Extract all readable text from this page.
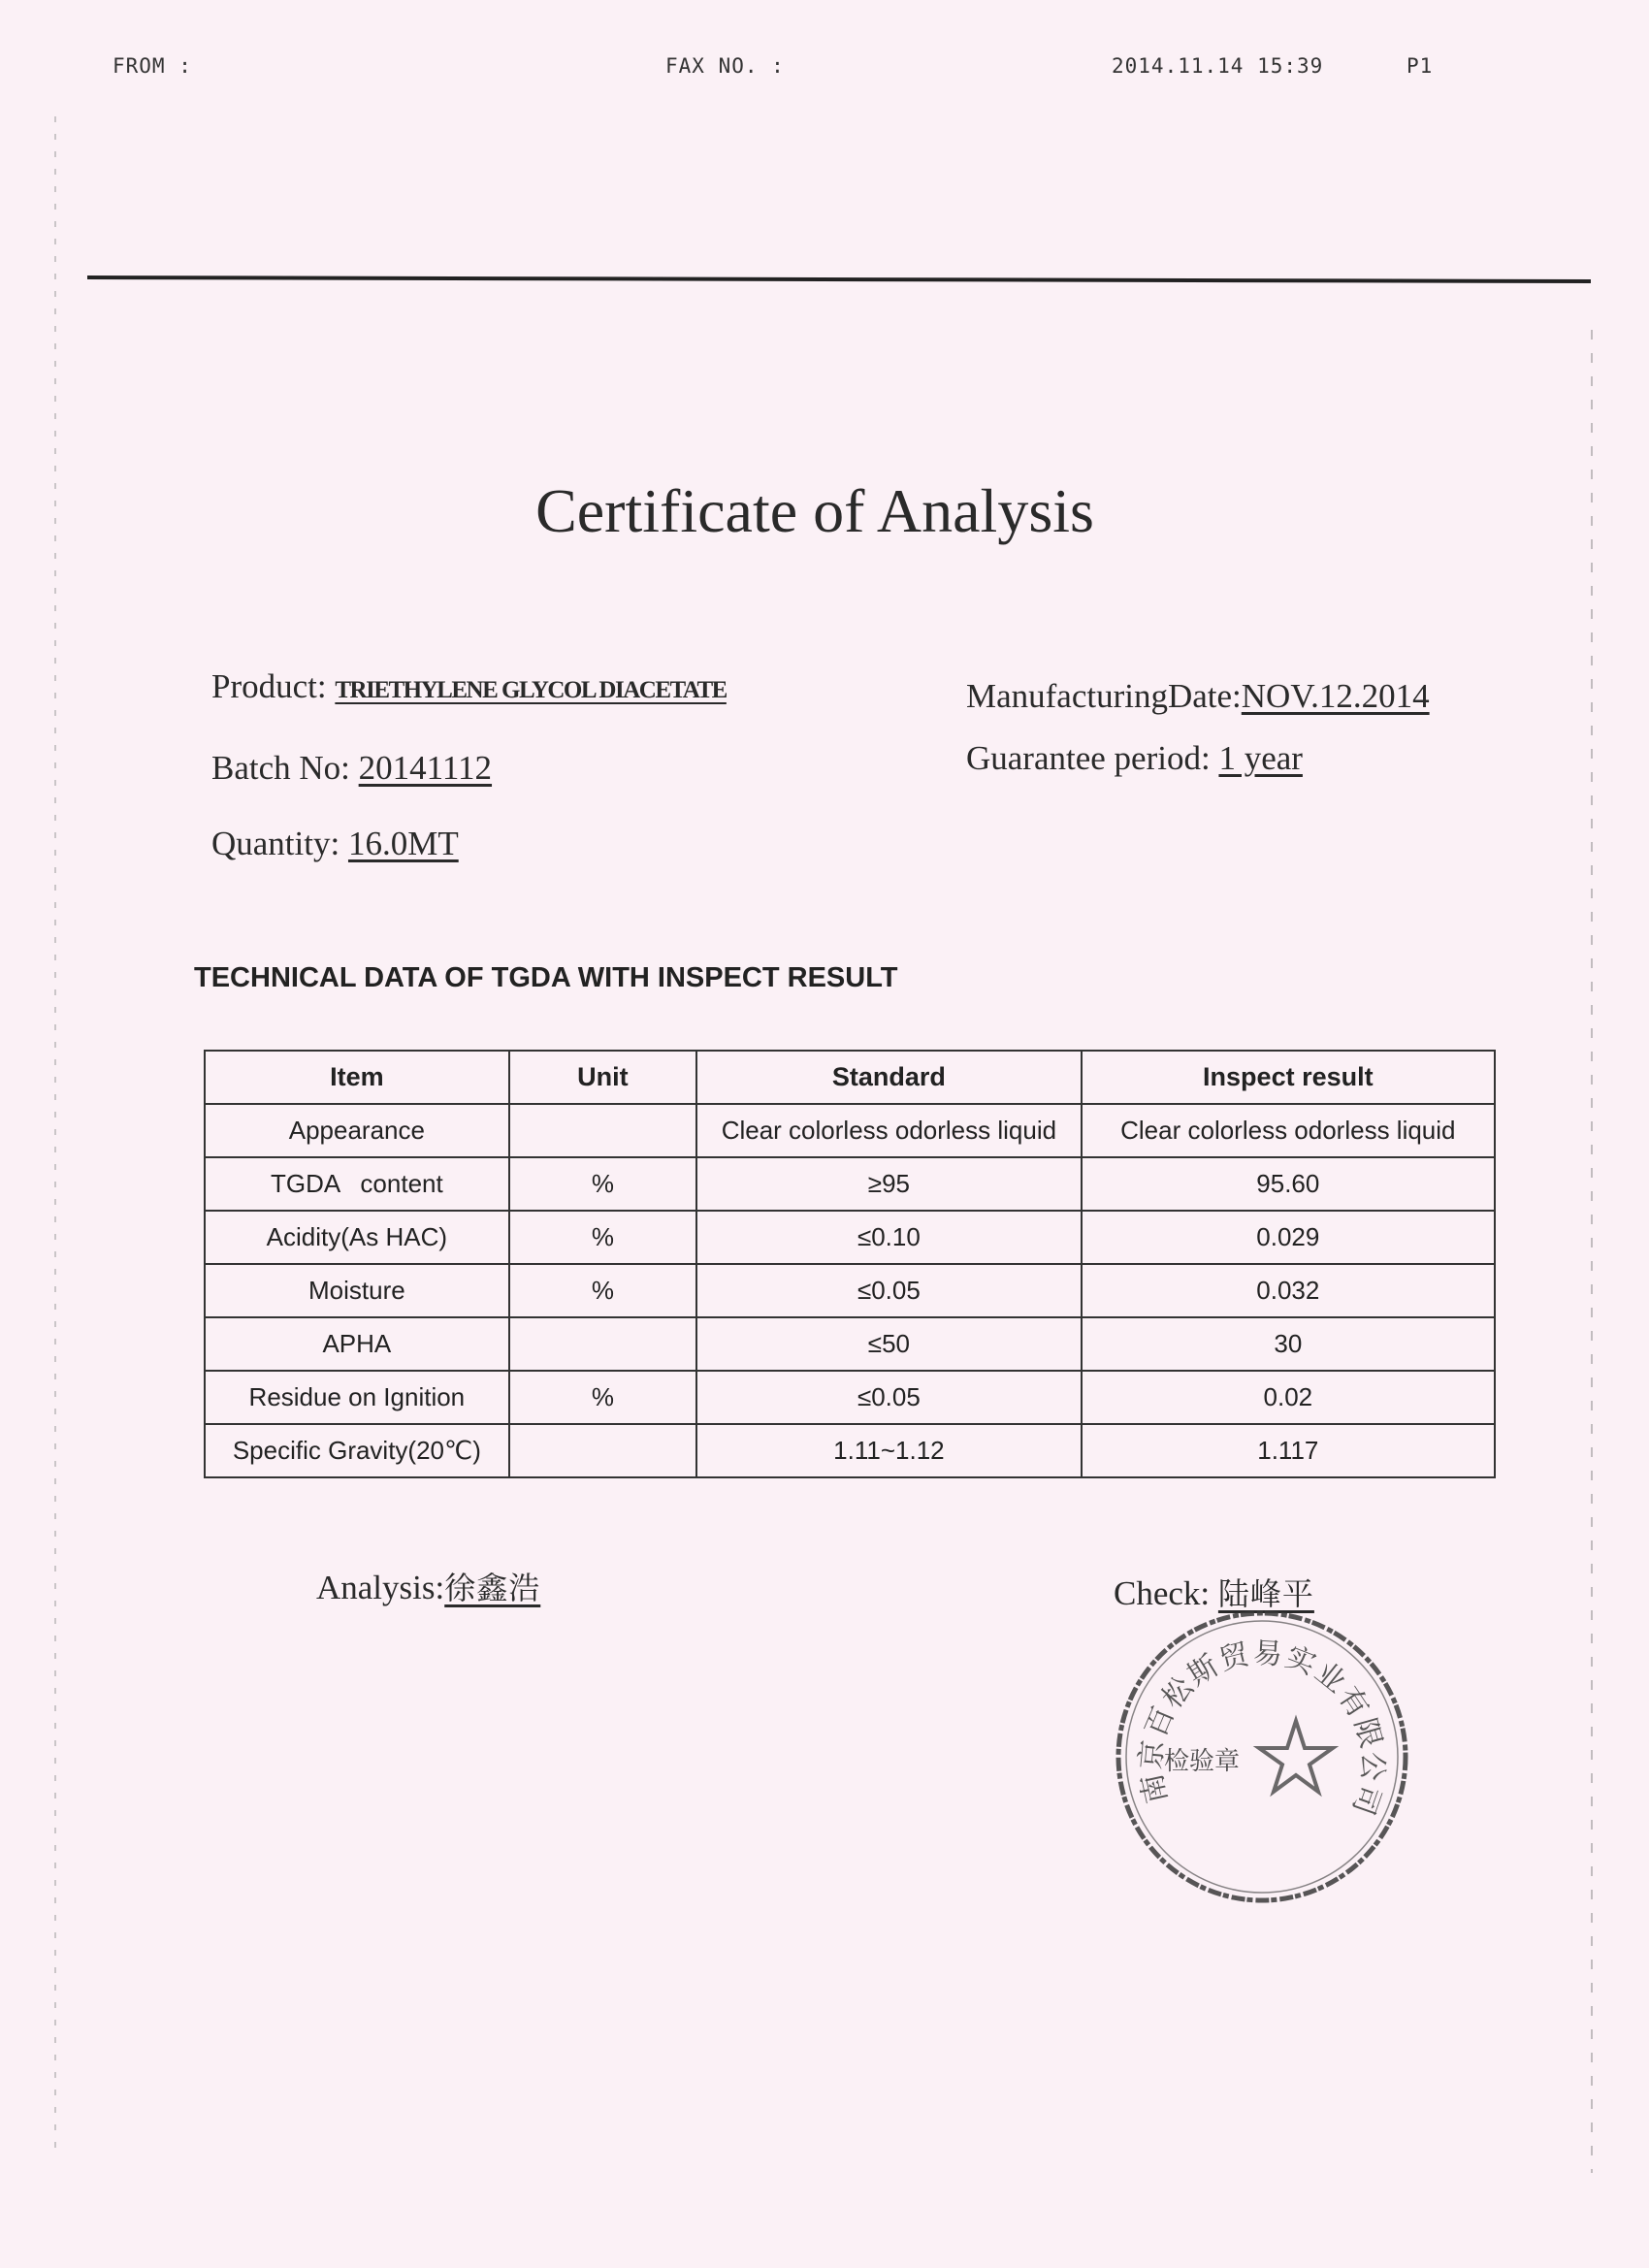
FROM :	FAX NO. :	2014.11.14 15:39	P1
Certificate of Analysis
Product: TRIETHYLENE GLYCOL DIACETATE
Batch No: 20141112
Quantity: 16.0MT
ManufacturingDate:NOV.12.2014
Guarantee period: 1 year
TECHNICAL DATA OF TGDA WITH INSPECT RESULT
Item	Unit	Standard	Inspect result
Appearance		Clear colorless odorless liquid	Clear colorless odorless liquid
TGDA   content	%	≥95	95.60
Acidity(As HAC)	%	≤0.10	0.029
Moisture	%	≤0.05	0.032
APHA		≤50	30
Residue on Ignition	%	≤0.05	0.02
Specific Gravity(20℃)		1.11~1.12	1.117
Analysis:徐鑫浩	Check: 陆峰平
南京百松斯贸易实业有限公司
检验章
